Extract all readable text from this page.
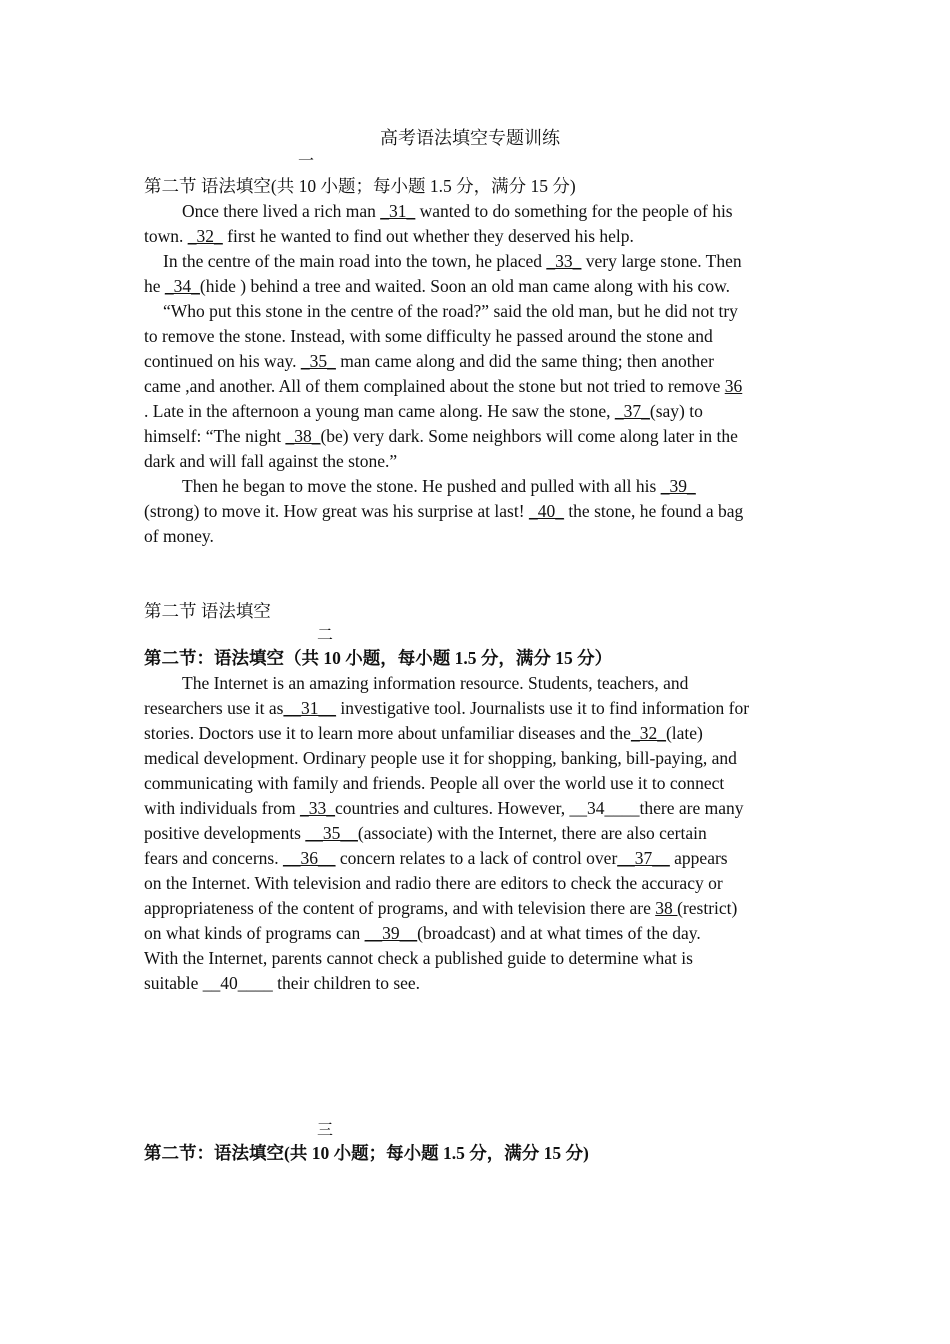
高考语法填空专题训练
一

第二节 语法填空(共 10 小题；每小题 1.5 分，满分 15 分)

Once there lived a rich man _31_ wanted to do something for the people of his

town. _32_ first he wanted to find out whether they deserved his help.

In the centre of the main road into the town, he placed _33_ very large stone. Then

he _34_(hide ) behind a tree and waited. Soon an old man came along with his cow.

“Who put this stone in the centre of the road?” said the old man, but he did not try

to remove the stone. Instead, with some difficulty he passed around the stone and

continued on his way. _35_ man came along and did the same thing; then another

came ,and another. All of them complained about the stone but not tried to remove 36

. Late in the afternoon a young man came along. He saw the stone, _37_(say) to

himself: “The night _38_(be) very dark. Some neighbors will come along later in the

dark and will fall against the stone.”

Then he began to move the stone. He pushed and pulled with all his _39_

(strong) to move it. How great was his surprise at last! _40_ the stone, he found a bag

of money.

第二节 语法填空

二

第二节：语法填空（共 10 小题，每小题 1.5 分，满分 15 分）

The Internet is an amazing information resource. Students, teachers, and

researchers use it as__31__ investigative tool. Journalists use it to find information for

stories. Doctors use it to learn more about unfamiliar diseases and the_32_(late)

medical development. Ordinary people use it for shopping, banking, bill-paying, and

communicating with family and friends. People all over the world use it to connect

with individuals from _33_countries and cultures. However, __34____there are many

positive developments __35__(associate) with the Internet, there are also certain

fears and concerns. __36__ concern relates to a lack of control over__37__ appears

on the Internet. With television and radio there are editors to check the accuracy or

appropriateness of the content of programs, and with television there are 38 (restrict)

on what kinds of programs can __39__(broadcast) and at what times of the day.

With the Internet, parents cannot check a published guide to determine what is

suitable __40____ their children to see.

三

第二节：语法填空(共 10 小题；每小题 1.5 分，满分 15 分)
